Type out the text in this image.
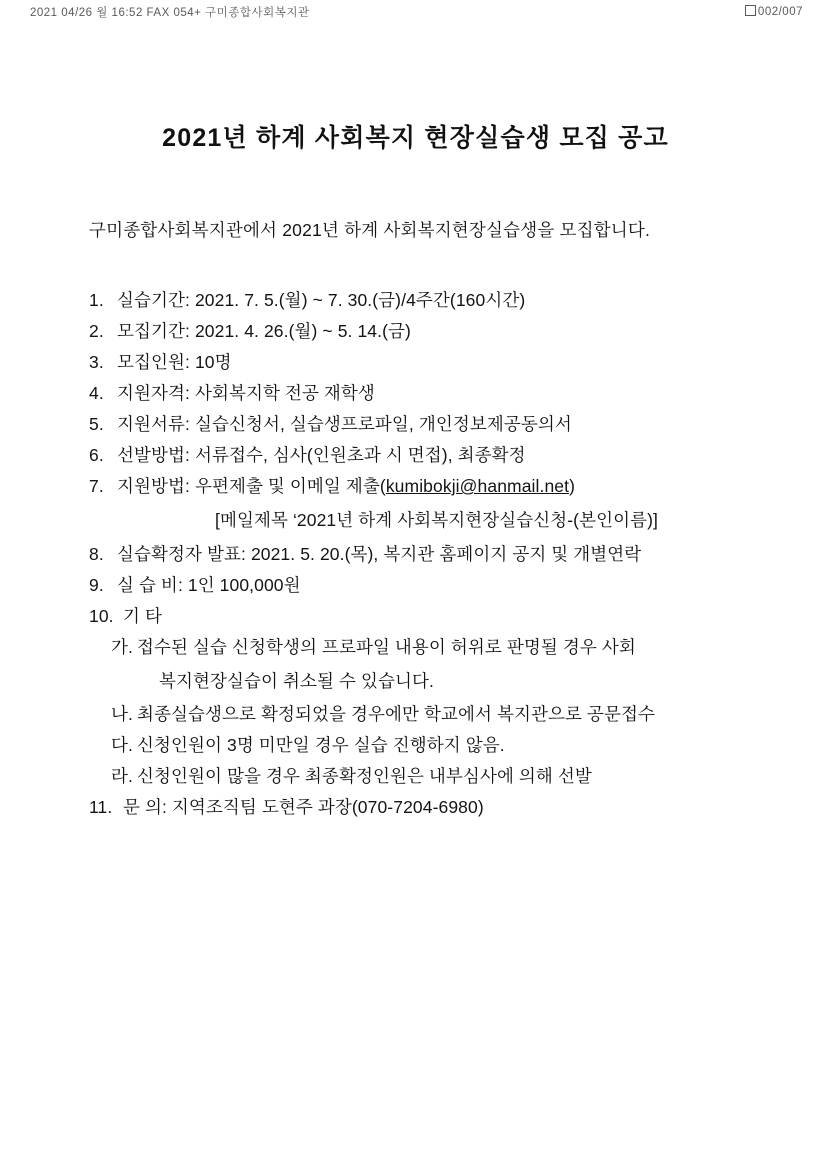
2021 04/26 월 16:52 FAX 054+ 구미종합사회복지관	002/007
2021년 하계 사회복지 현장실습생 모집 공고
구미종합사회복지관에서 2021년 하계 사회복지현장실습생을 모집합니다.
1. 실습기간: 2021. 7. 5.(월) ~ 7. 30.(금)/4주간(160시간)
2. 모집기간: 2021. 4. 26.(월) ~ 5. 14.(금)
3. 모집인원: 10명
4. 지원자격: 사회복지학 전공 재학생
5. 지원서류: 실습신청서, 실습생프로파일, 개인정보제공동의서
6. 선발방법: 서류접수, 심사(인원초과 시 면접), 최종확정
7. 지원방법: 우편제출 및 이메일 제출(kumibokji@hanmail.net)
[메일제목 ‘2021년 하계 사회복지현장실습신청-(본인이름)]
8. 실습확정자 발표: 2021. 5. 20.(목), 복지관 홈페이지 공지 및 개별연락
9. 실 습 비: 1인 100,000원
10. 기 타
가. 접수된 실습 신청학생의 프로파일 내용이 허위로 판명될 경우 사회
복지현장실습이 취소될 수 있습니다.
나. 최종실습생으로 확정되었을 경우에만 학교에서 복지관으로 공문접수
다. 신청인원이 3명 미만일 경우 실습 진행하지 않음.
라. 신청인원이 많을 경우 최종확정인원은 내부심사에 의해 선발
11. 문 의: 지역조직팀 도현주 과장(070-7204-6980)
